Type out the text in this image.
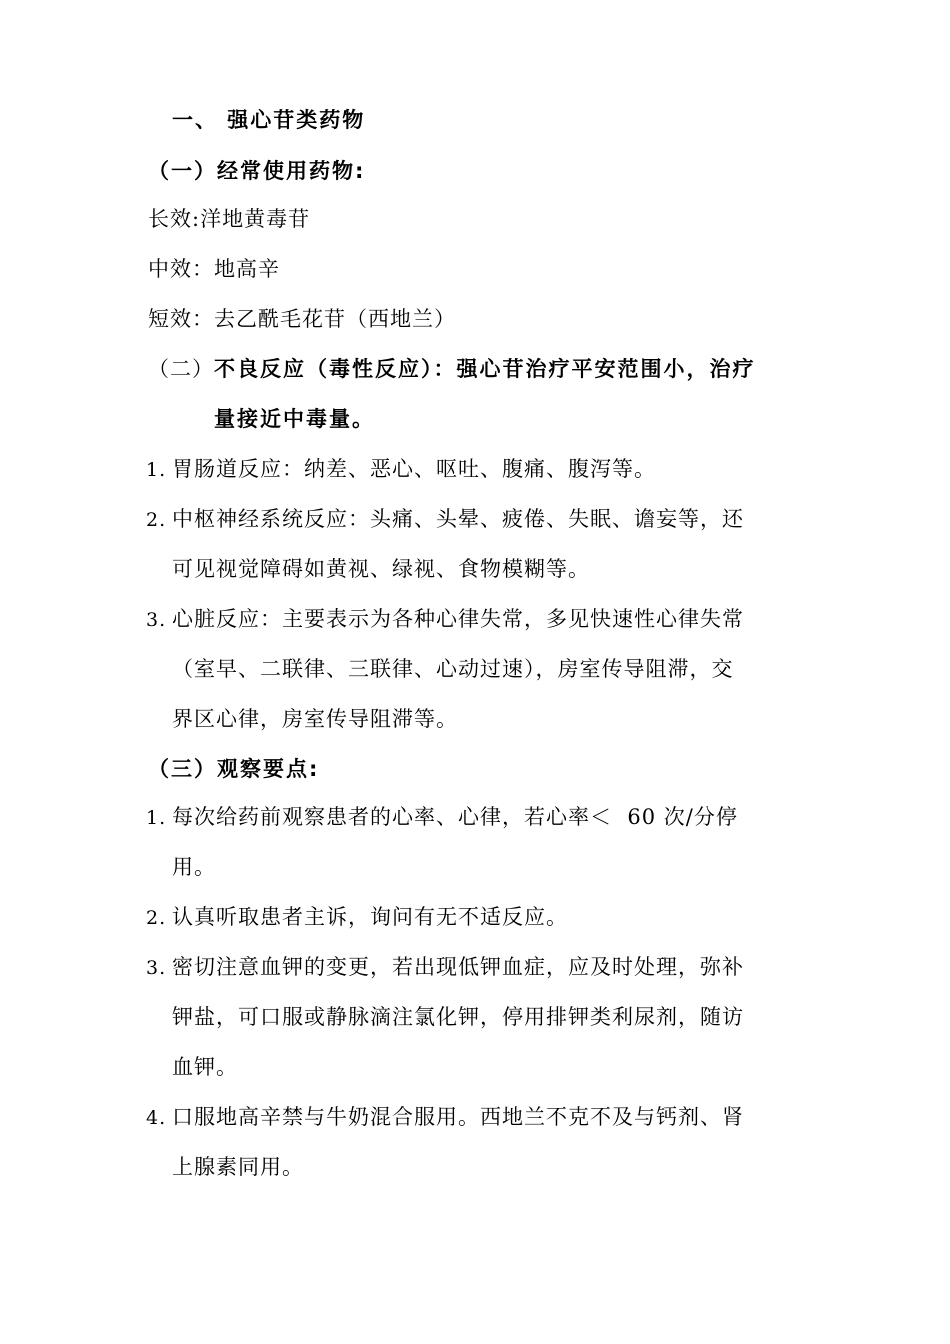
一、 强心苷类药物
（一）经常使用药物:
长效:洋地黄毒苷
中效：地高辛
短效：去乙酰毛花苷（西地兰）
（二）不良反应（毒性反应）：强心苷治疗平安范围小，治疗
量接近中毒量。
1. 胃肠道反应：纳差、恶心、呕吐、腹痛、腹泻等。
2. 中枢神经系统反应：头痛、头晕、疲倦、失眠、谵妄等，还
可见视觉障碍如黄视、绿视、食物模糊等。
3. 心脏反应：主要表示为各种心律失常，多见快速性心律失常
（室早、二联律、三联律、心动过速），房室传导阻滞，交
界区心律，房室传导阻滞等。
（三）观察要点:
1. 每次给药前观察患者的心率、心律，若心率＜  60 次/分停
用。
2. 认真听取患者主诉，询问有无不适反应。
3. 密切注意血钾的变更，若出现低钾血症，应及时处理，弥补
钾盐，可口服或静脉滴注氯化钾，停用排钾类利尿剂，随访
血钾。
4. 口服地高辛禁与牛奶混合服用。西地兰不克不及与钙剂、肾
上腺素同用。
